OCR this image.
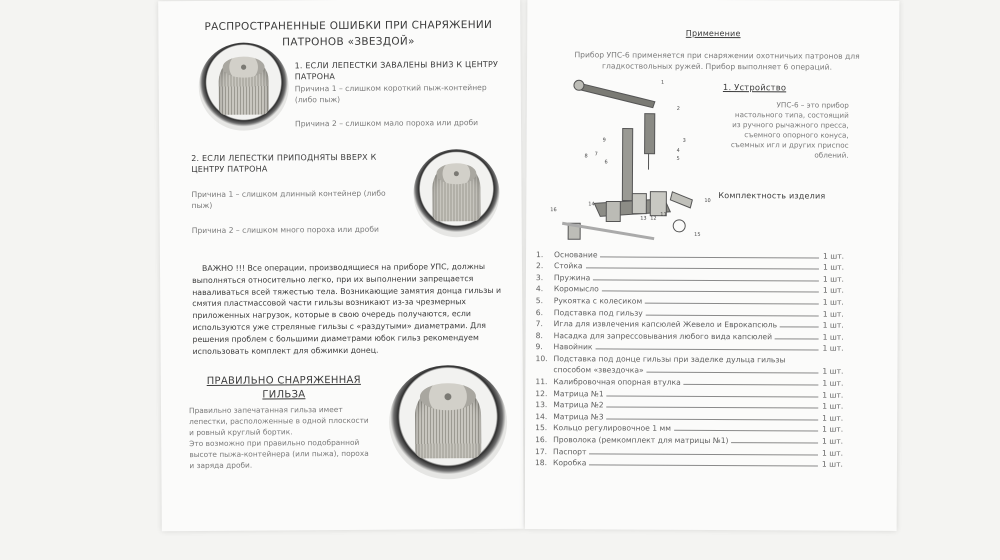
РАСПРОСТРАНЕННЫЕ ОШИБКИ ПРИ СНАРЯЖЕНИИ
ПАТРОНОВ «ЗВЕЗДОЙ»
1. ЕСЛИ ЛЕПЕСТКИ ЗАВАЛЕНЫ ВНИЗ К ЦЕНТРУ
ПАТРОНА
Причина 1 – слишком короткий пыж-контейнер
(либо пыж)
Причина 2 – слишком мало пороха или дроби
2. ЕСЛИ ЛЕПЕСТКИ ПРИПОДНЯТЫ ВВЕРХ К
ЦЕНТРУ ПАТРОНА
Причина 1 – слишком длинный контейнер (либо
пыж)
Причина 2 – слишком много пороха или дроби
ВАЖНО !!! Все операции, производящиеся на приборе УПС, должны
выполняться относительно легко, при их выполнении запрещается
наваливаться всей тяжестью тела. Возникающие замятия донца гильзы и
смятия пластмассовой части гильзы возникают из-за чрезмерных
приложенных нагрузок, которые в свою очередь получаются, если
используются уже стреляные гильзы с «раздутыми» диаметрами. Для
решения проблем с большими диаметрами юбок гильз рекомендуем
использовать комплект для обжимки донец.
ПРАВИЛЬНО СНАРЯЖЕННАЯ
ГИЛЬЗА
Правильно запечатанная гильза имеет
лепестки, расположенные в одной плоскости
и ровный круглый бортик.
Это возможно при правильно подобранной
высоте пыжа-контейнера (или пыжа), пороха
и заряда дроби.
Применение
Прибор УПС-6 применяется при снаряжении охотничьих патронов для
гладкоствольных ружей. Прибор выполняет 6 операций.
1
2
3
4
5
6
7
8
9
10
11
12
13
14
15
16
1. Устройство
УПС-6 – это прибор
настольного типа, состоящий
из ручного рычажного пресса,
съемного опорного конуса,
съемных игл и других приспос
облений.
Комплектность изделия
1.	Основание	1 шт.
2.	Стойка	1 шт.
3.	Пружина	1 шт.
4.	Коромысло	1 шт.
5.	Рукоятка с колесиком	1 шт.
6.	Подставка под гильзу	1 шт.
7.	Игла для извлечения капсюлей Жевело и Еврокапсюль	1 шт.
8.	Насадка для запрессовывания любого вида капсюлей	1 шт.
9.	Навойник	1 шт.
10. Подставка под донце гильзы при заделке дульца гильзы
способом «звездочка»	1 шт.
11. Калибровочная опорная втулка	1 шт.
12. Матрица №1	1 шт.
13. Матрица №2	1 шт.
14. Матрица №3	1 шт.
15. Кольцо регулировочное 1 мм	1 шт.
16. Проволока (ремкомплект для матрицы №1)	1 шт.
17. Паспорт	1 шт.
18. Коробка	1 шт.
